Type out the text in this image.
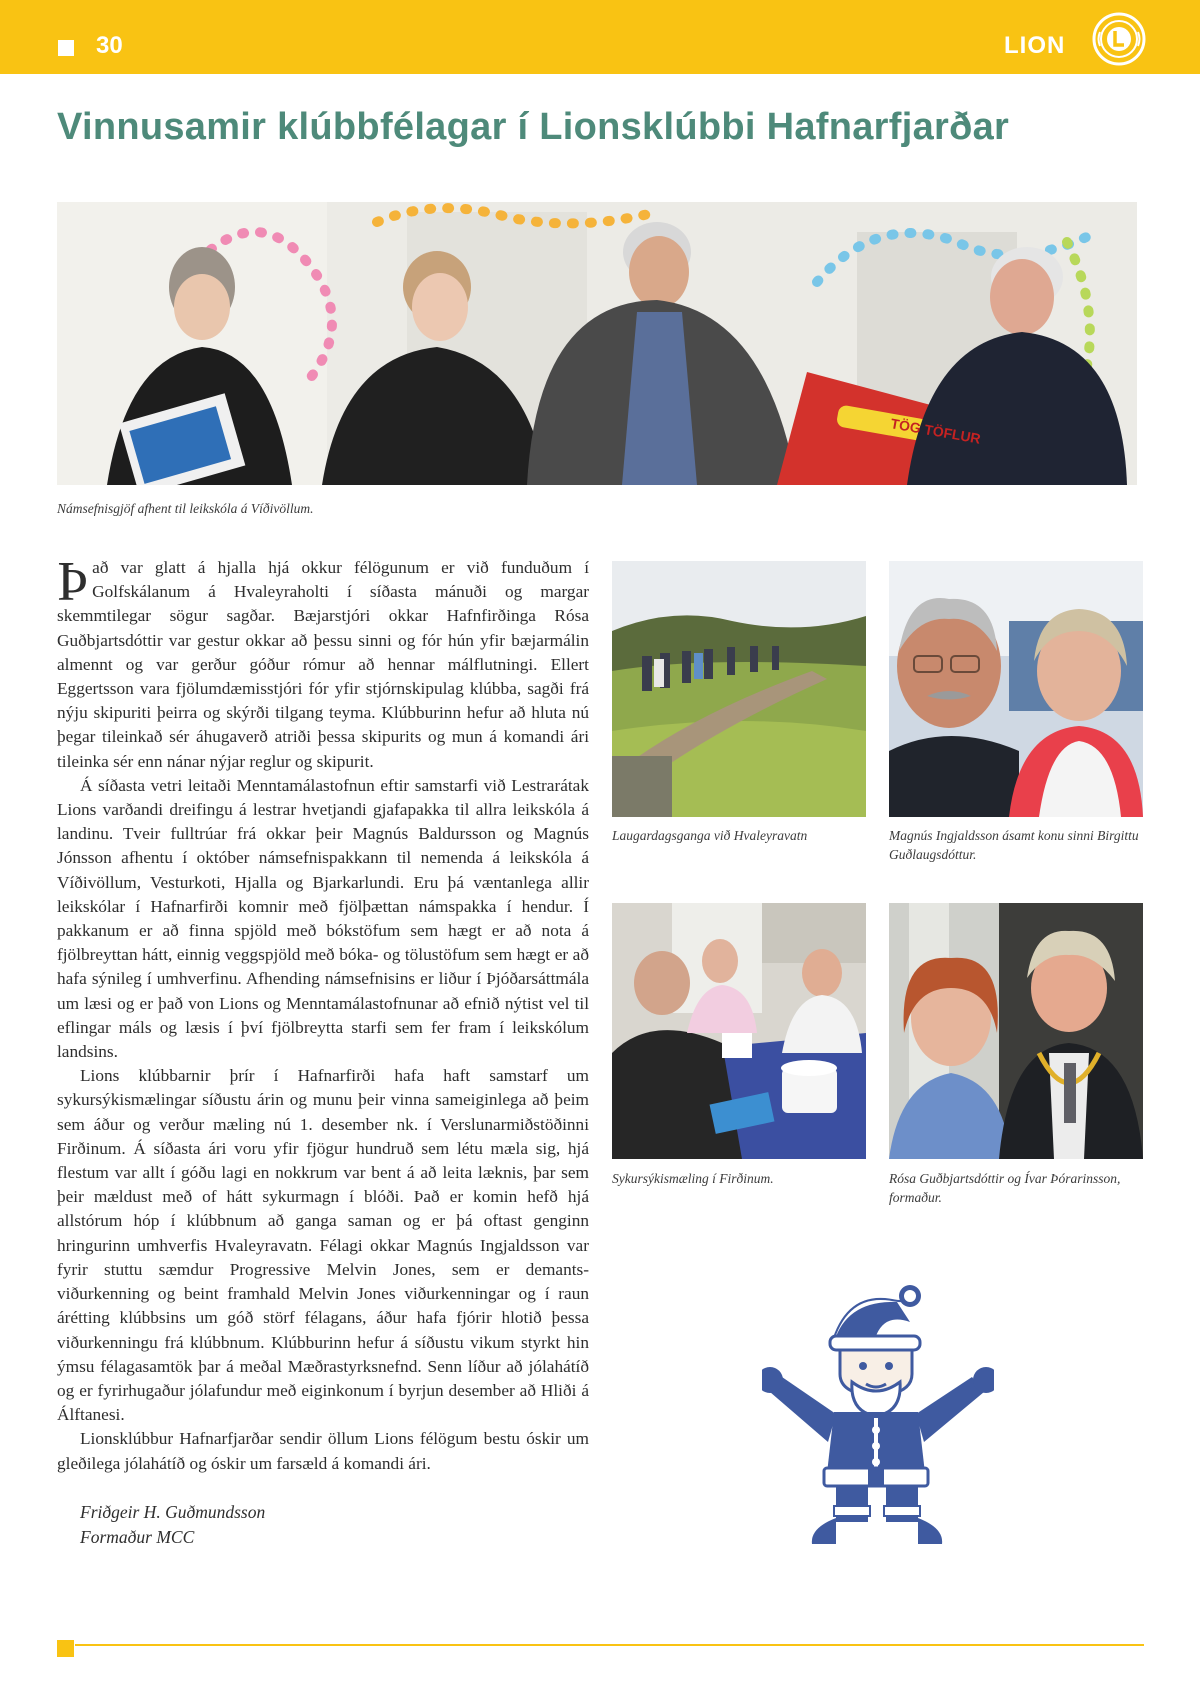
30	LION
Vinnusamir klúbbfélagar í Lionsklúbbi Hafnarfjarðar
TÖG TÖFLUR
Námsefnisgjöf afhent til leikskóla á Víðivöllum.

Það var glatt á hjalla hjá okkur félögunum er við funduðum í Golfskálanum á Hvaleyraholti í síðasta mánuði og margar skemmtilegar sögur sagðar. Bæjarstjóri okkar Hafnfirðinga Rósa Guðbjartsdóttir var gestur okkar að þessu sinni og fór hún yfir bæjarmálin almennt og var gerður góður rómur að hennar málflutningi. Ellert Eggertsson vara fjölumdæmisstjóri fór yfir stjórnskipulag klúbba, sagði frá nýju skipuriti þeirra og skýrði tilgang teyma. Klúbburinn hefur að hluta nú þegar tileinkað sér áhugaverð atriði þessa skipurits og mun á komandi ári tileinka sér enn nánar nýjar reglur og skipurit.

Á síðasta vetri leitaði Menntamálastofnun eftir samstarfi við Lestrarátak Lions varðandi dreifingu á lestrar hvetjandi gjafapakka til allra leikskóla á landinu. Tveir fulltrúar frá okkar þeir Magnús Baldursson og Magnús Jónsson afhentu í október námsefnispakkann til nemenda á leikskóla á Víðivöllum, Vesturkoti, Hjalla og Bjarkarlundi. Eru þá væntanlega allir leikskólar í Hafnarfirði komnir með fjölþættan námspakka í hendur. Í pakkanum er að finna spjöld með bókstöfum sem hægt er að nota á fjölbreyttan hátt, einnig veggspjöld með bóka- og tölustöfum sem hægt er að hafa sýnileg í umhverfinu. Afhending námsefnisins er liður í Þjóðarsáttmála um læsi og er það von Lions og Menntamálastofnunar að efnið nýtist vel til eflingar máls og læsis í því fjölbreytta starfi sem fer fram í leikskólum landsins.

Lions klúbbarnir þrír í Hafnarfirði hafa haft samstarf um sykursýkismælingar síðustu árin og munu þeir vinna sameiginlega að þeim sem áður og verður mæling nú 1. desember nk. í Verslunarmiðstöðinni Firðinum. Á síðasta ári voru yfir fjögur hundruð sem létu mæla sig, hjá flestum var allt í góðu lagi en nokkrum var bent á að leita læknis, þar sem þeir mældust með of hátt sykurmagn í blóði. Það er komin hefð hjá allstórum hóp í klúbbnum að ganga saman og er þá oftast genginn hringurinn umhverfis Hvaleyravatn. Félagi okkar Magnús Ingjaldsson var fyrir stuttu sæmdur Progressive Melvin Jones, sem er demants- viðurkenning og beint framhald Melvin Jones viðurkenningar og í raun árétting klúbbsins um góð störf félagans, áður hafa fjórir hlotið þessa viðurkenningu frá klúbbnum. Klúbburinn hefur á síðustu vikum styrkt hin ýmsu félagasamtök þar á meðal Mæðrastyrksnefnd. Senn líður að jólahátíð og er fyrirhugaður jólafundur með eiginkonum í byrjun desember að Hliði á Álftanesi.

Lionsklúbbur Hafnarfjarðar sendir öllum Lions félögum bestu óskir um gleðilega jólahátíð og óskir um farsæld á komandi ári.

Friðgeir H. Guðmundsson
Formaður MCC
Laugardagsganga við Hvaleyravatn	Magnús Ingjaldsson ásamt konu sinni Birgittu Guðlaugsdóttur.
Sykursýkismæling í Firðinum.	Rósa Guðbjartsdóttir og Ívar Þórarinsson, formaður.
